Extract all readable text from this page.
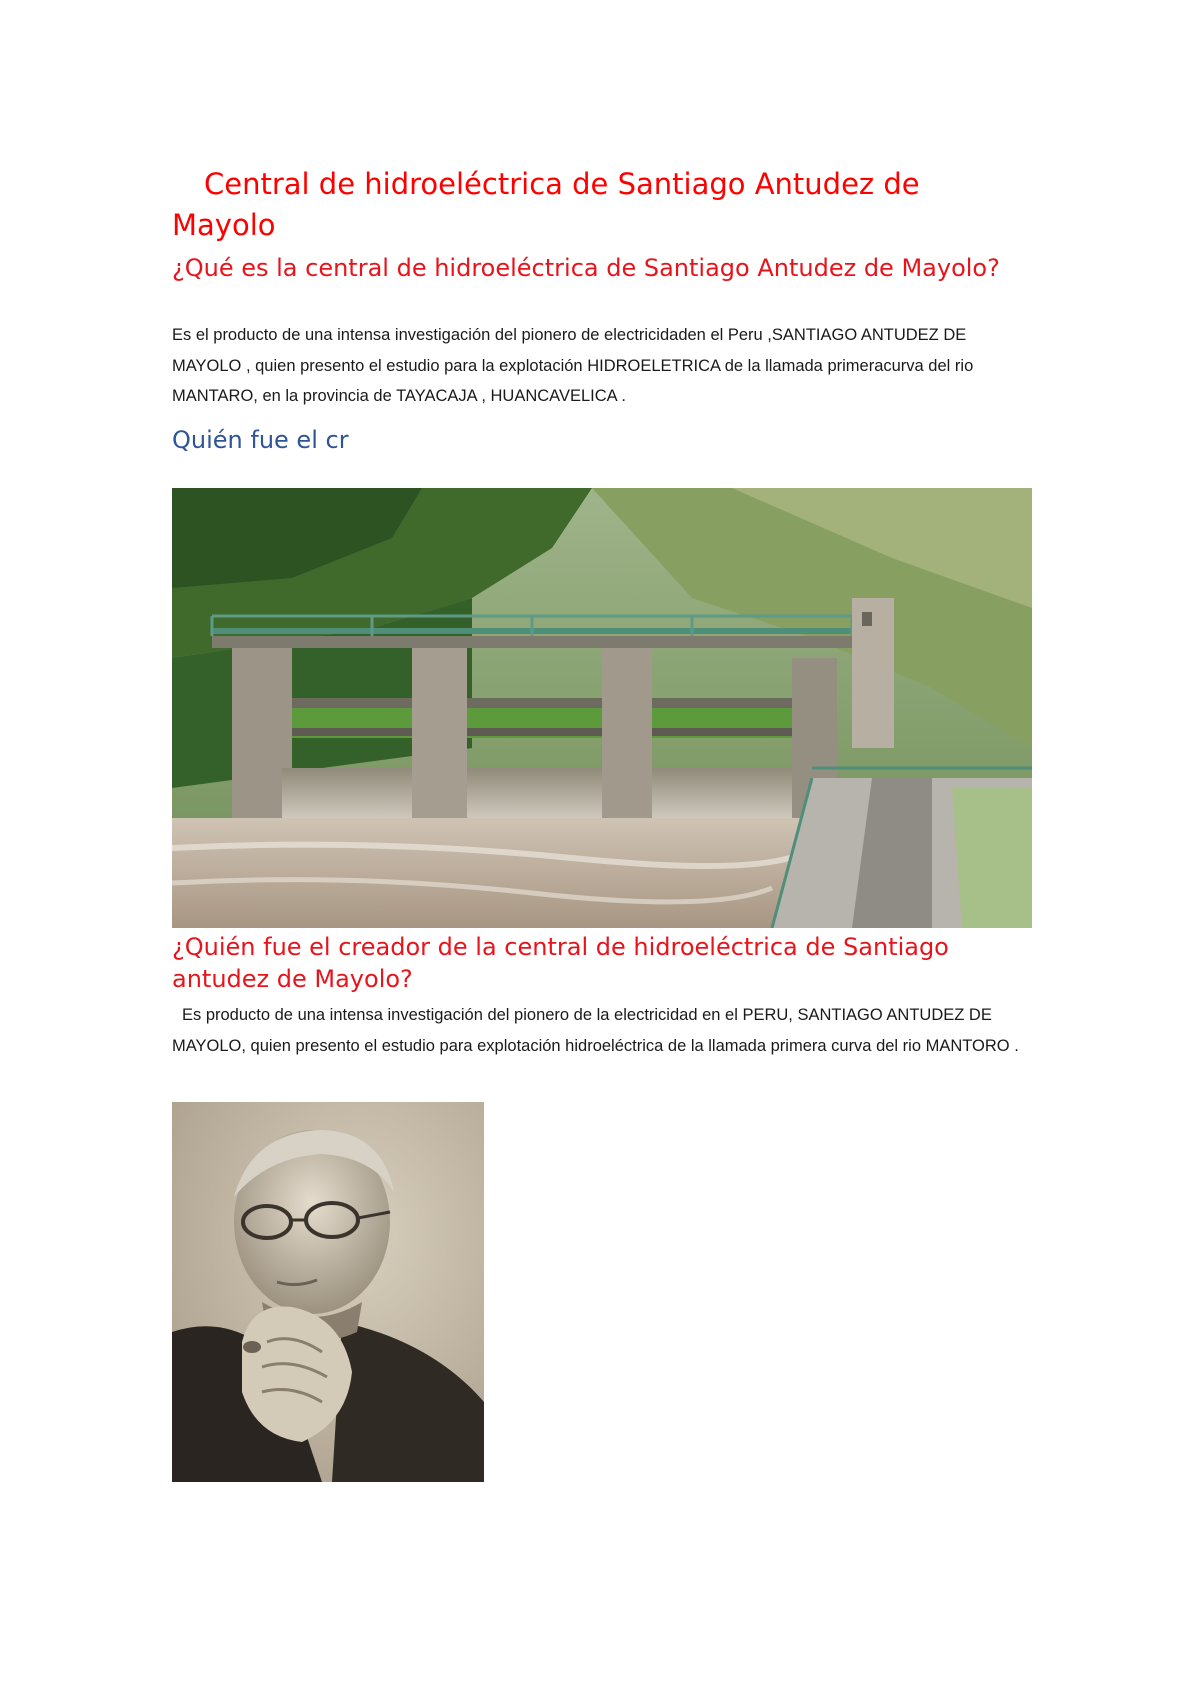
Central de hidroeléctrica de Santiago Antudez de Mayolo
¿Qué es la central de hidroeléctrica de Santiago Antudez de Mayolo?

Es el producto de una intensa investigación del pionero de electricidaden el Peru ,SANTIAGO ANTUDEZ DE MAYOLO , quien presento el estudio para la explotación HIDROELETRICA de la llamada primeracurva del rio MANTARO, en la provincia de TAYACAJA , HUANCAVELICA .

Quién fue el cr
¿Quién fue el creador de la central de hidroeléctrica de Santiago antudez de Mayolo?

Es producto de una intensa investigación del pionero de la electricidad en el PERU, SANTIAGO ANTUDEZ DE MAYOLO, quien presento el estudio para explotación hidroeléctrica de la llamada primera curva del rio MANTORO .
